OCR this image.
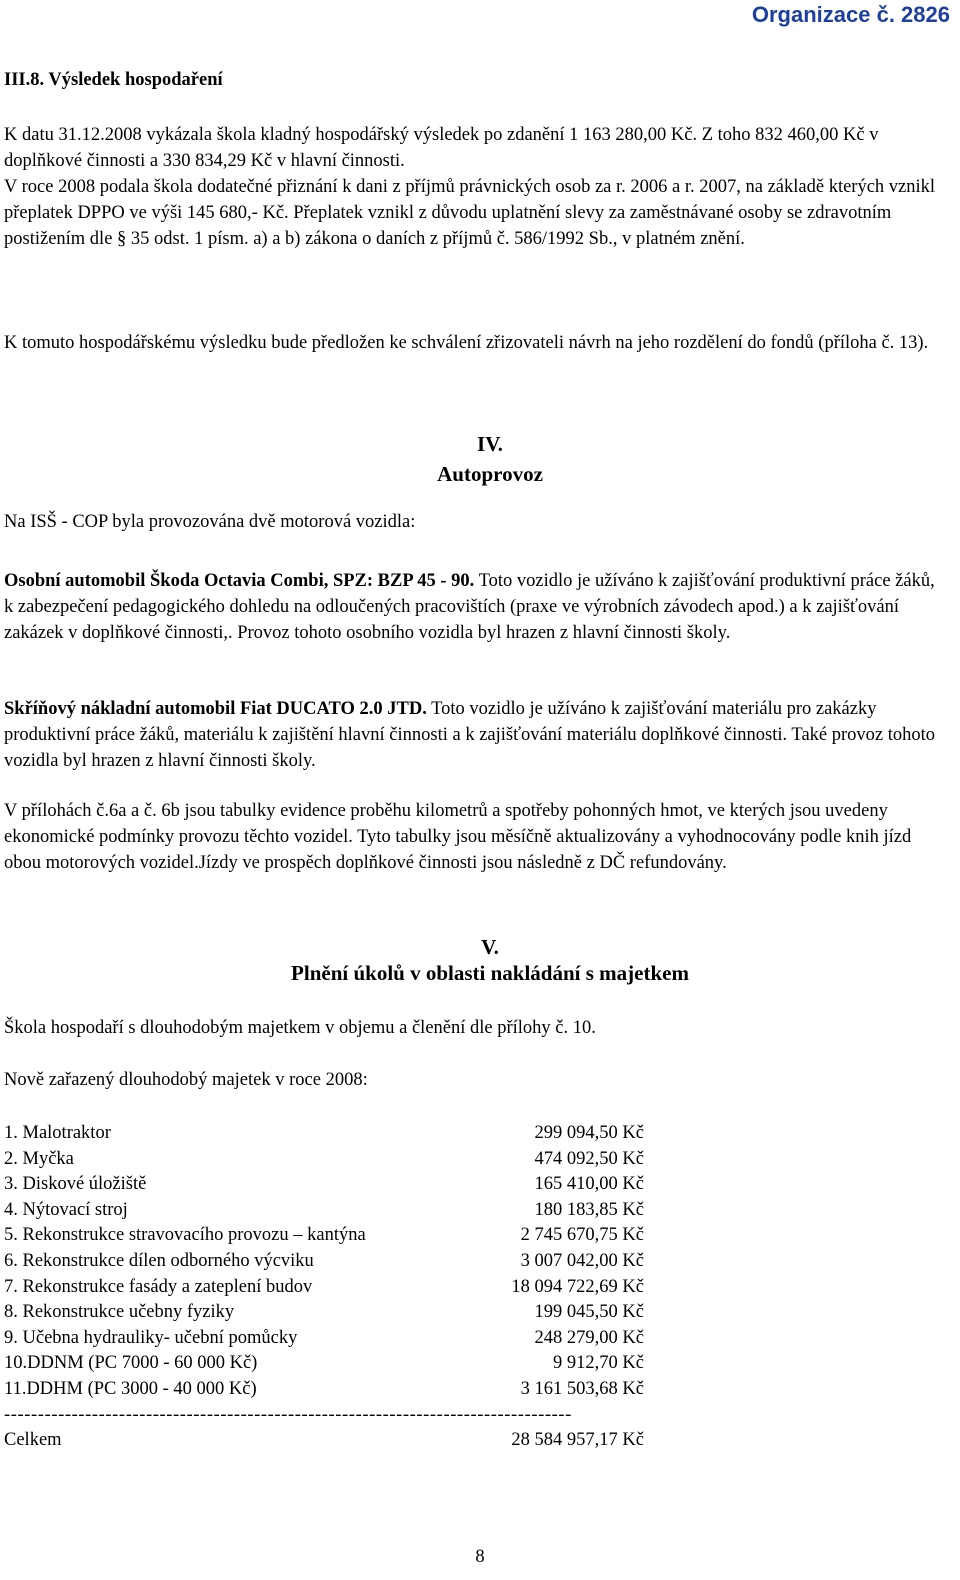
Organizace č. 2826
III.8. Výsledek hospodaření
K datu 31.12.2008 vykázala škola kladný hospodářský výsledek po zdanění 1 163 280,00 Kč. Z toho 832 460,00 Kč v doplňkové činnosti a 330 834,29 Kč v hlavní činnosti.
V roce 2008 podala škola dodatečné přiznání k dani z příjmů právnických osob za r. 2006 a r. 2007, na základě kterých vznikl přeplatek DPPO ve výši 145 680,- Kč. Přeplatek vznikl z důvodu uplatnění slevy za zaměstnávané osoby se zdravotním postižením dle § 35 odst. 1 písm. a) a b) zákona o daních z příjmů č. 586/1992 Sb., v platném znění.
K tomuto hospodářskému výsledku bude předložen ke schválení zřizovateli návrh na jeho rozdělení do fondů (příloha č. 13).
IV.
Autoprovoz
Na ISŠ - COP byla provozována dvě motorová vozidla:
Osobní automobil Škoda Octavia Combi, SPZ: BZP 45 - 90. Toto vozidlo je užíváno k zajišťování produktivní práce žáků, k zabezpečení pedagogického dohledu na odloučených pracovištích (praxe ve výrobních závodech apod.) a k zajišťování zakázek v doplňkové činnosti,. Provoz tohoto osobního vozidla byl hrazen z hlavní činnosti školy.
Skříňový nákladní automobil Fiat DUCATO 2.0 JTD. Toto vozidlo je užíváno k zajišťování materiálu pro zakázky produktivní práce žáků, materiálu k zajištění hlavní činnosti a k zajišťování materiálu doplňkové činnosti. Také provoz tohoto vozidla byl hrazen z hlavní činnosti školy.
V přílohách č.6a a č. 6b jsou tabulky evidence proběhu kilometrů a spotřeby pohonných hmot, ve kterých jsou uvedeny ekonomické podmínky provozu těchto vozidel. Tyto tabulky jsou měsíčně aktualizovány a vyhodnocovány podle knih jízd obou motorových vozidel.Jízdy ve prospěch doplňkové činnosti jsou následně z DČ refundovány.
V.
Plnění úkolů v oblasti nakládání s majetkem
Škola hospodaří s dlouhodobým majetkem v objemu a členění dle přílohy č. 10.
Nově zařazený dlouhodobý majetek v roce 2008:
1. Malotraktor	299 094,50 Kč
2. Myčka	474 092,50 Kč
3. Diskové úložiště	165 410,00 Kč
4. Nýtovací stroj	180 183,85 Kč
5. Rekonstrukce stravovacího provozu – kantýna	2 745 670,75 Kč
6. Rekonstrukce dílen odborného výcviku	3 007 042,00 Kč
7. Rekonstrukce fasády a zateplení budov	18 094 722,69 Kč
8. Rekonstrukce učebny fyziky	199 045,50 Kč
9. Učebna hydrauliky- učební pomůcky	248 279,00 Kč
10.DDNM (PC 7000 - 60 000 Kč)	9 912,70 Kč
11.DDHM (PC 3000 - 40 000 Kč)	3 161 503,68 Kč
------------------------------------------------------------------------------------
Celkem	28 584 957,17 Kč
8
